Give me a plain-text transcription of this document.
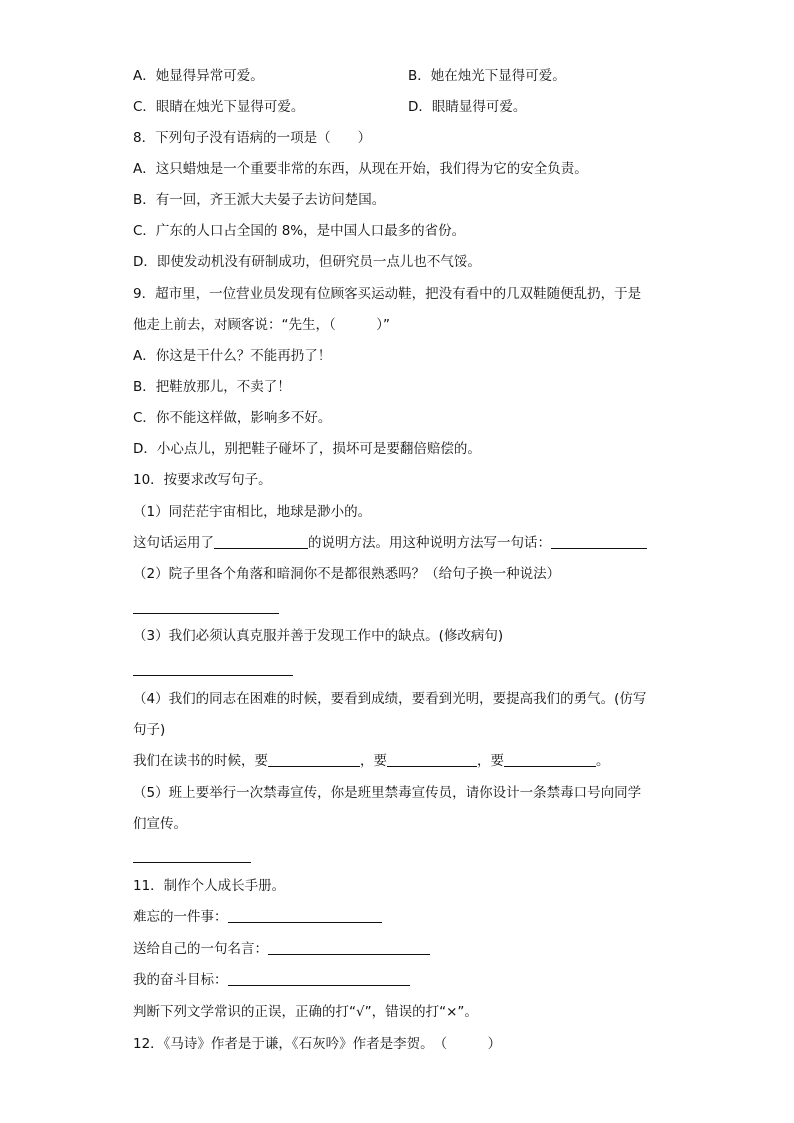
A．她显得异常可爱。	B．她在烛光下显得可爱。
C．眼睛在烛光下显得可爱。	D．眼睛显得可爱。
8．下列句子没有语病的一项是（　　）
A．这只蜡烛是一个重要非常的东西，从现在开始，我们得为它的安全负责。
B．有一回，齐王派大夫晏子去访问楚国。
C．广东的人口占全国的 8%，是中国人口最多的省份。
D．即使发动机没有研制成功，但研究员一点儿也不气馁。
9．超市里，一位营业员发现有位顾客买运动鞋，把没有看中的几双鞋随便乱扔，于是
他走上前去，对顾客说：“先生，（　　　）”
A．你这是干什么？不能再扔了！
B．把鞋放那儿，不卖了！
C．你不能这样做，影响多不好。
D．小心点儿，别把鞋子碰坏了，损坏可是要翻倍赔偿的。
10．按要求改写句子。
（1）同茫茫宇宙相比，地球是渺小的。
这句话运用了	的说明方法。用这种说明方法写一句话：
（2）院子里各个角落和暗洞你不是都很熟悉吗？（给句子换一种说法）
（3）我们必须认真克服并善于发现工作中的缺点。(修改病句)
（4）我们的同志在困难的时候，要看到成绩，要看到光明，要提高我们的勇气。(仿写
句子)
我们在读书的时候，要	，要	，要	。
（5）班上要举行一次禁毒宣传，你是班里禁毒宣传员，请你设计一条禁毒口号向同学
们宣传。
11．制作个人成长手册。
难忘的一件事：
送给自己的一句名言：
我的奋斗目标：
判断下列文学常识的正误，正确的打“√”，错误的打“×”。
12．《马诗》作者是于谦，《石灰吟》作者是李贺。　（　　　）
